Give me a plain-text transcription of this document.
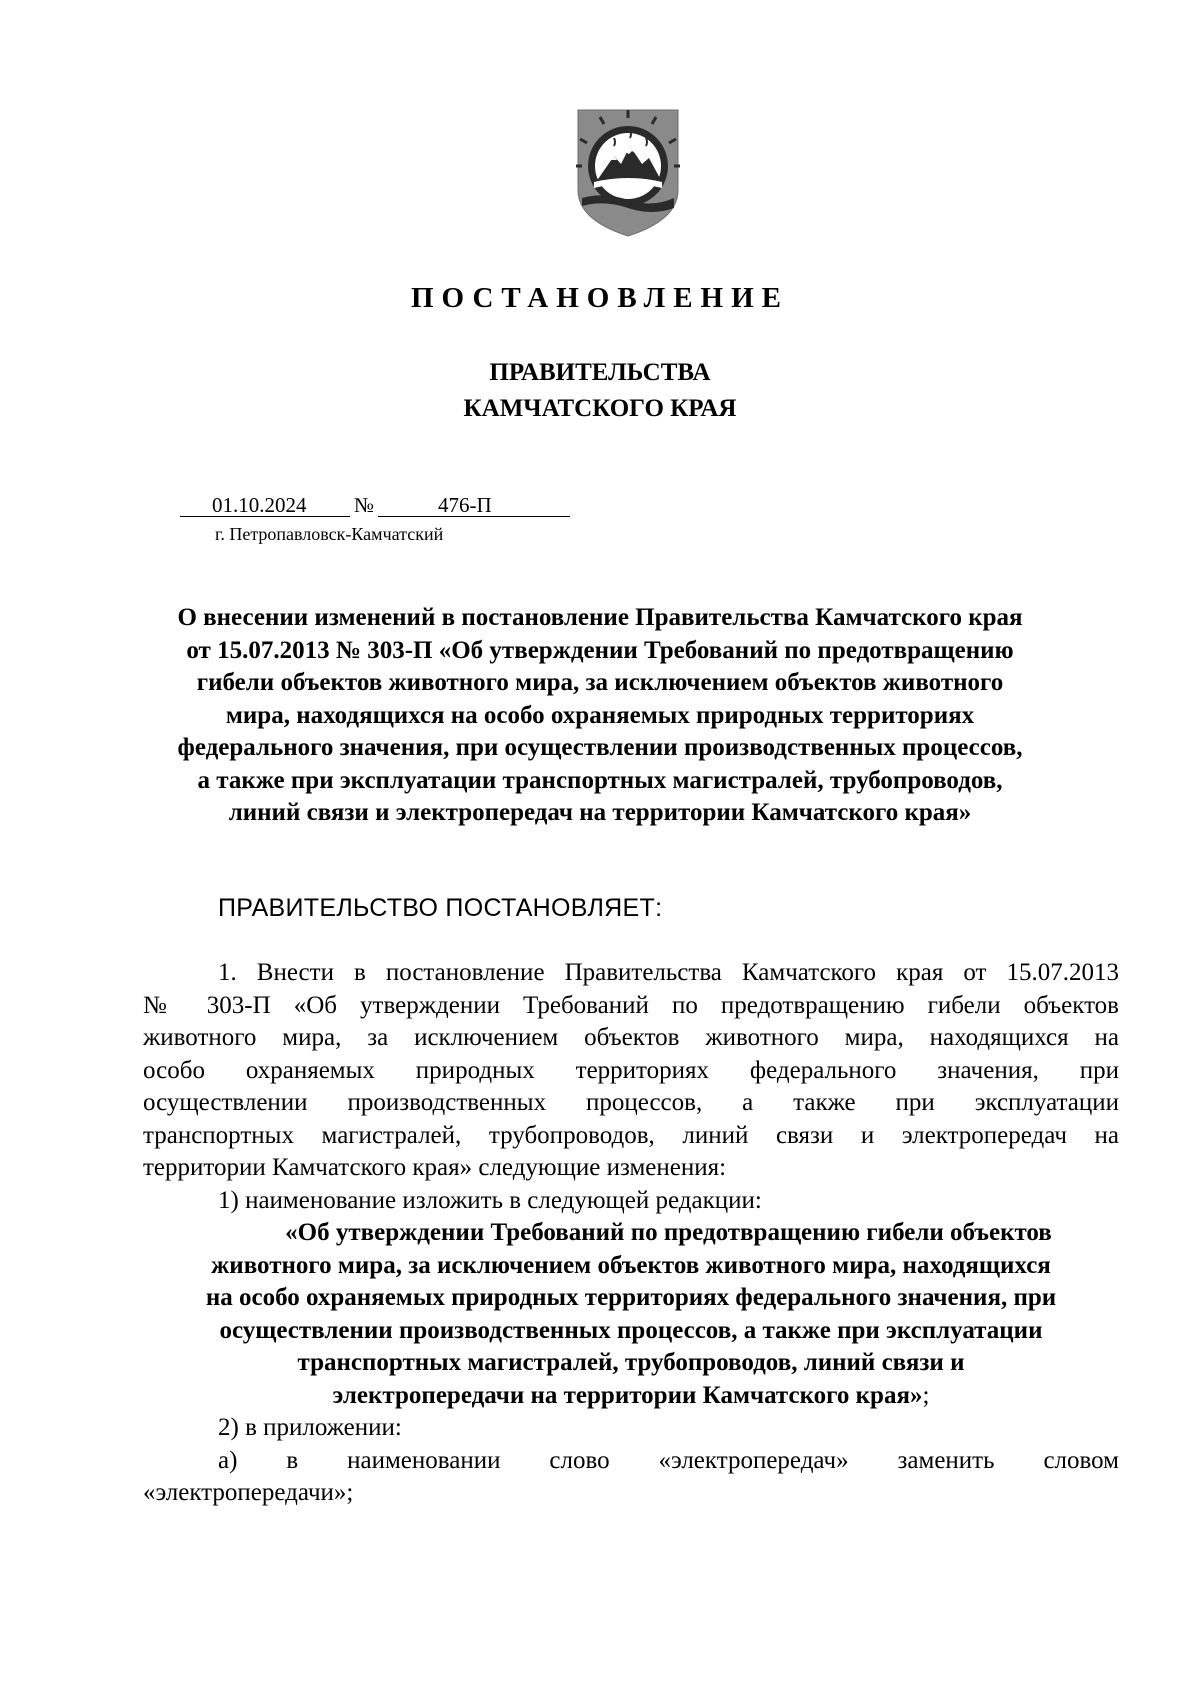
ПОСТАНОВЛЕНИЕ
ПРАВИТЕЛЬСТВА
КАМЧАТСКОГО КРАЯ
01.10.2024 №	476-П
г. Петропавловск-Камчатский
О внесении изменений в постановление Правительства Камчатского края
от 15.07.2013 № 303-П «Об утверждении Требований по предотвращению
гибели объектов животного мира, за исключением объектов животного
мира, находящихся на особо охраняемых природных территориях
федерального значения, при осуществлении производственных процессов,
а также при эксплуатации транспортных магистралей, трубопроводов,
линий связи и электропередач на территории Камчатского края»
ПРАВИТЕЛЬСТВО ПОСТАНОВЛЯЕТ:
1. Внести в постановление Правительства Камчатского края от 15.07.2013
№ 303-П «Об утверждении Требований по предотвращению гибели объектов
животного мира, за исключением объектов животного мира, находящихся на
особо охраняемых природных территориях федерального значения, при
осуществлении производственных процессов, а также при эксплуатации
транспортных магистралей, трубопроводов, линий связи и электропередач на
территории Камчатского края» следующие изменения:
1) наименование изложить в следующей редакции:
«Об утверждении Требований по предотвращению гибели объектов
животного мира, за исключением объектов животного мира, находящихся
на особо охраняемых природных территориях федерального значения, при
осуществлении производственных процессов, а также при эксплуатации
транспортных магистралей, трубопроводов, линий связи и
электропередачи на территории Камчатского края»;
2) в приложении:
а) в наименовании слово «электропередач» заменить словом
«электропередачи»;
